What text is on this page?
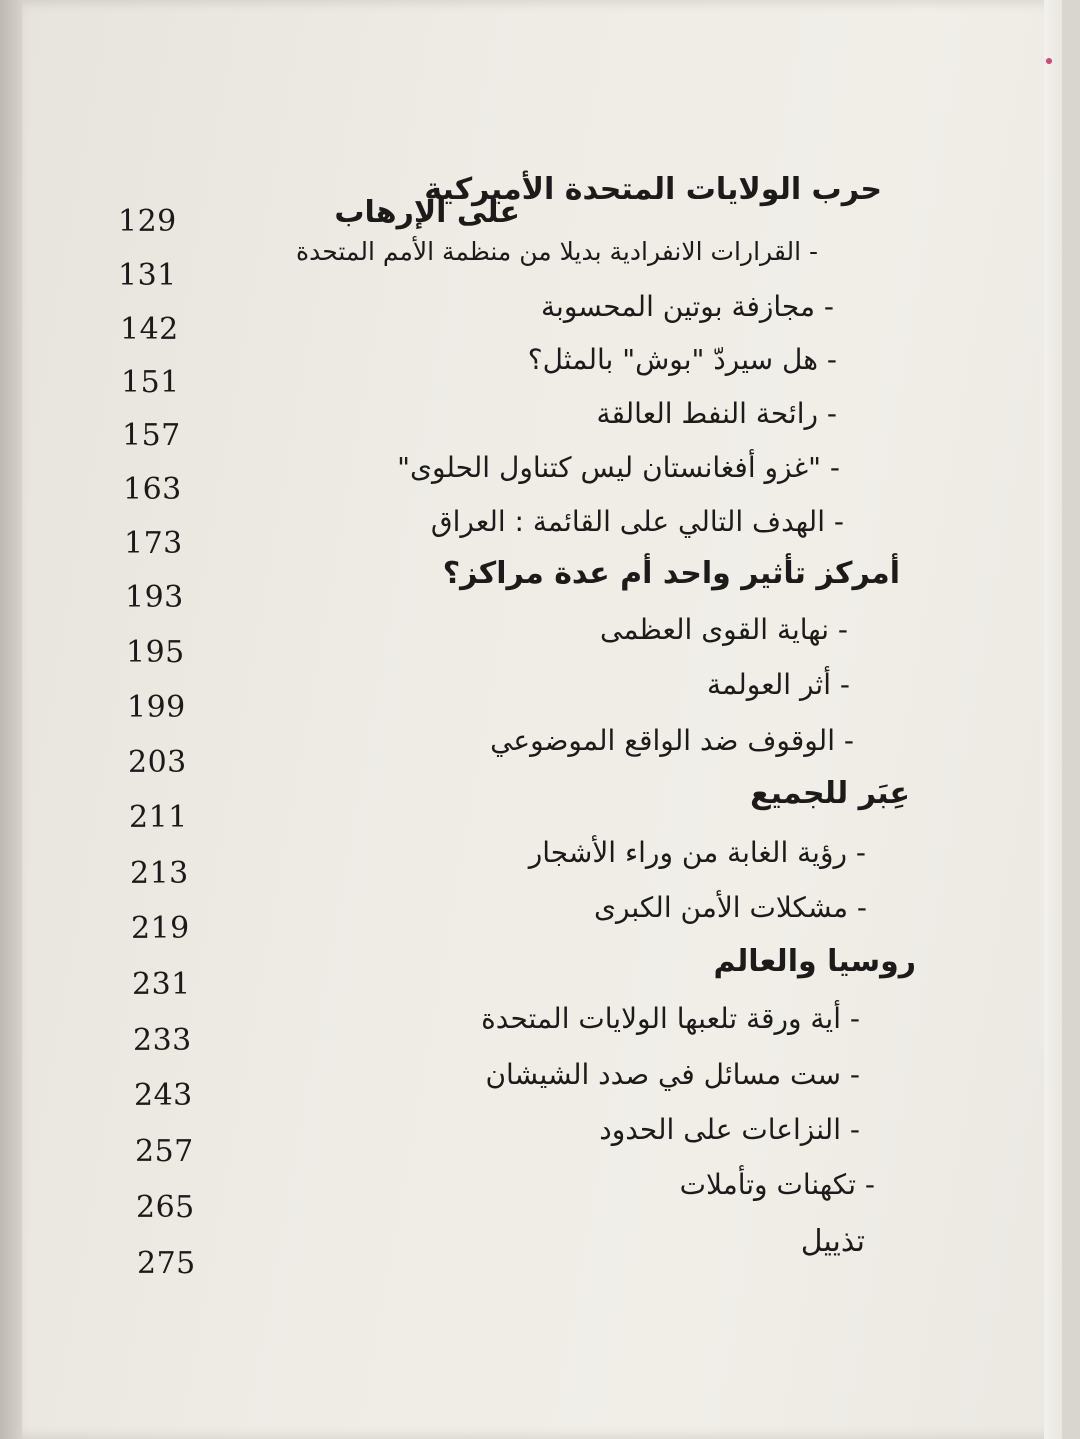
129
131
142
151
157
163
173
193
195
199
203
211
213
219
231
233
243
257
265
275
حرب الولايات المتحدة الأميركية
على الإرهاب
- القرارات الانفرادية بديلا من منظمة الأمم المتحدة
- مجازفة بوتين المحسوبة
- هل سيردّ "بوش" بالمثل؟
- رائحة النفط العالقة
- "غزو أفغانستان ليس كتناول الحلوى"
- الهدف التالي على القائمة : العراق
أمركز تأثير واحد أم عدة مراكز؟
- نهاية القوى العظمى
- أثر العولمة
- الوقوف ضد الواقع الموضوعي
عِبَر للجميع
- رؤية الغابة من وراء الأشجار
- مشكلات الأمن الكبرى
روسيا والعالم
- أية ورقة تلعبها الولايات المتحدة
- ست مسائل في صدد الشيشان
- النزاعات على الحدود
- تكهنات وتأملات
تذييل
